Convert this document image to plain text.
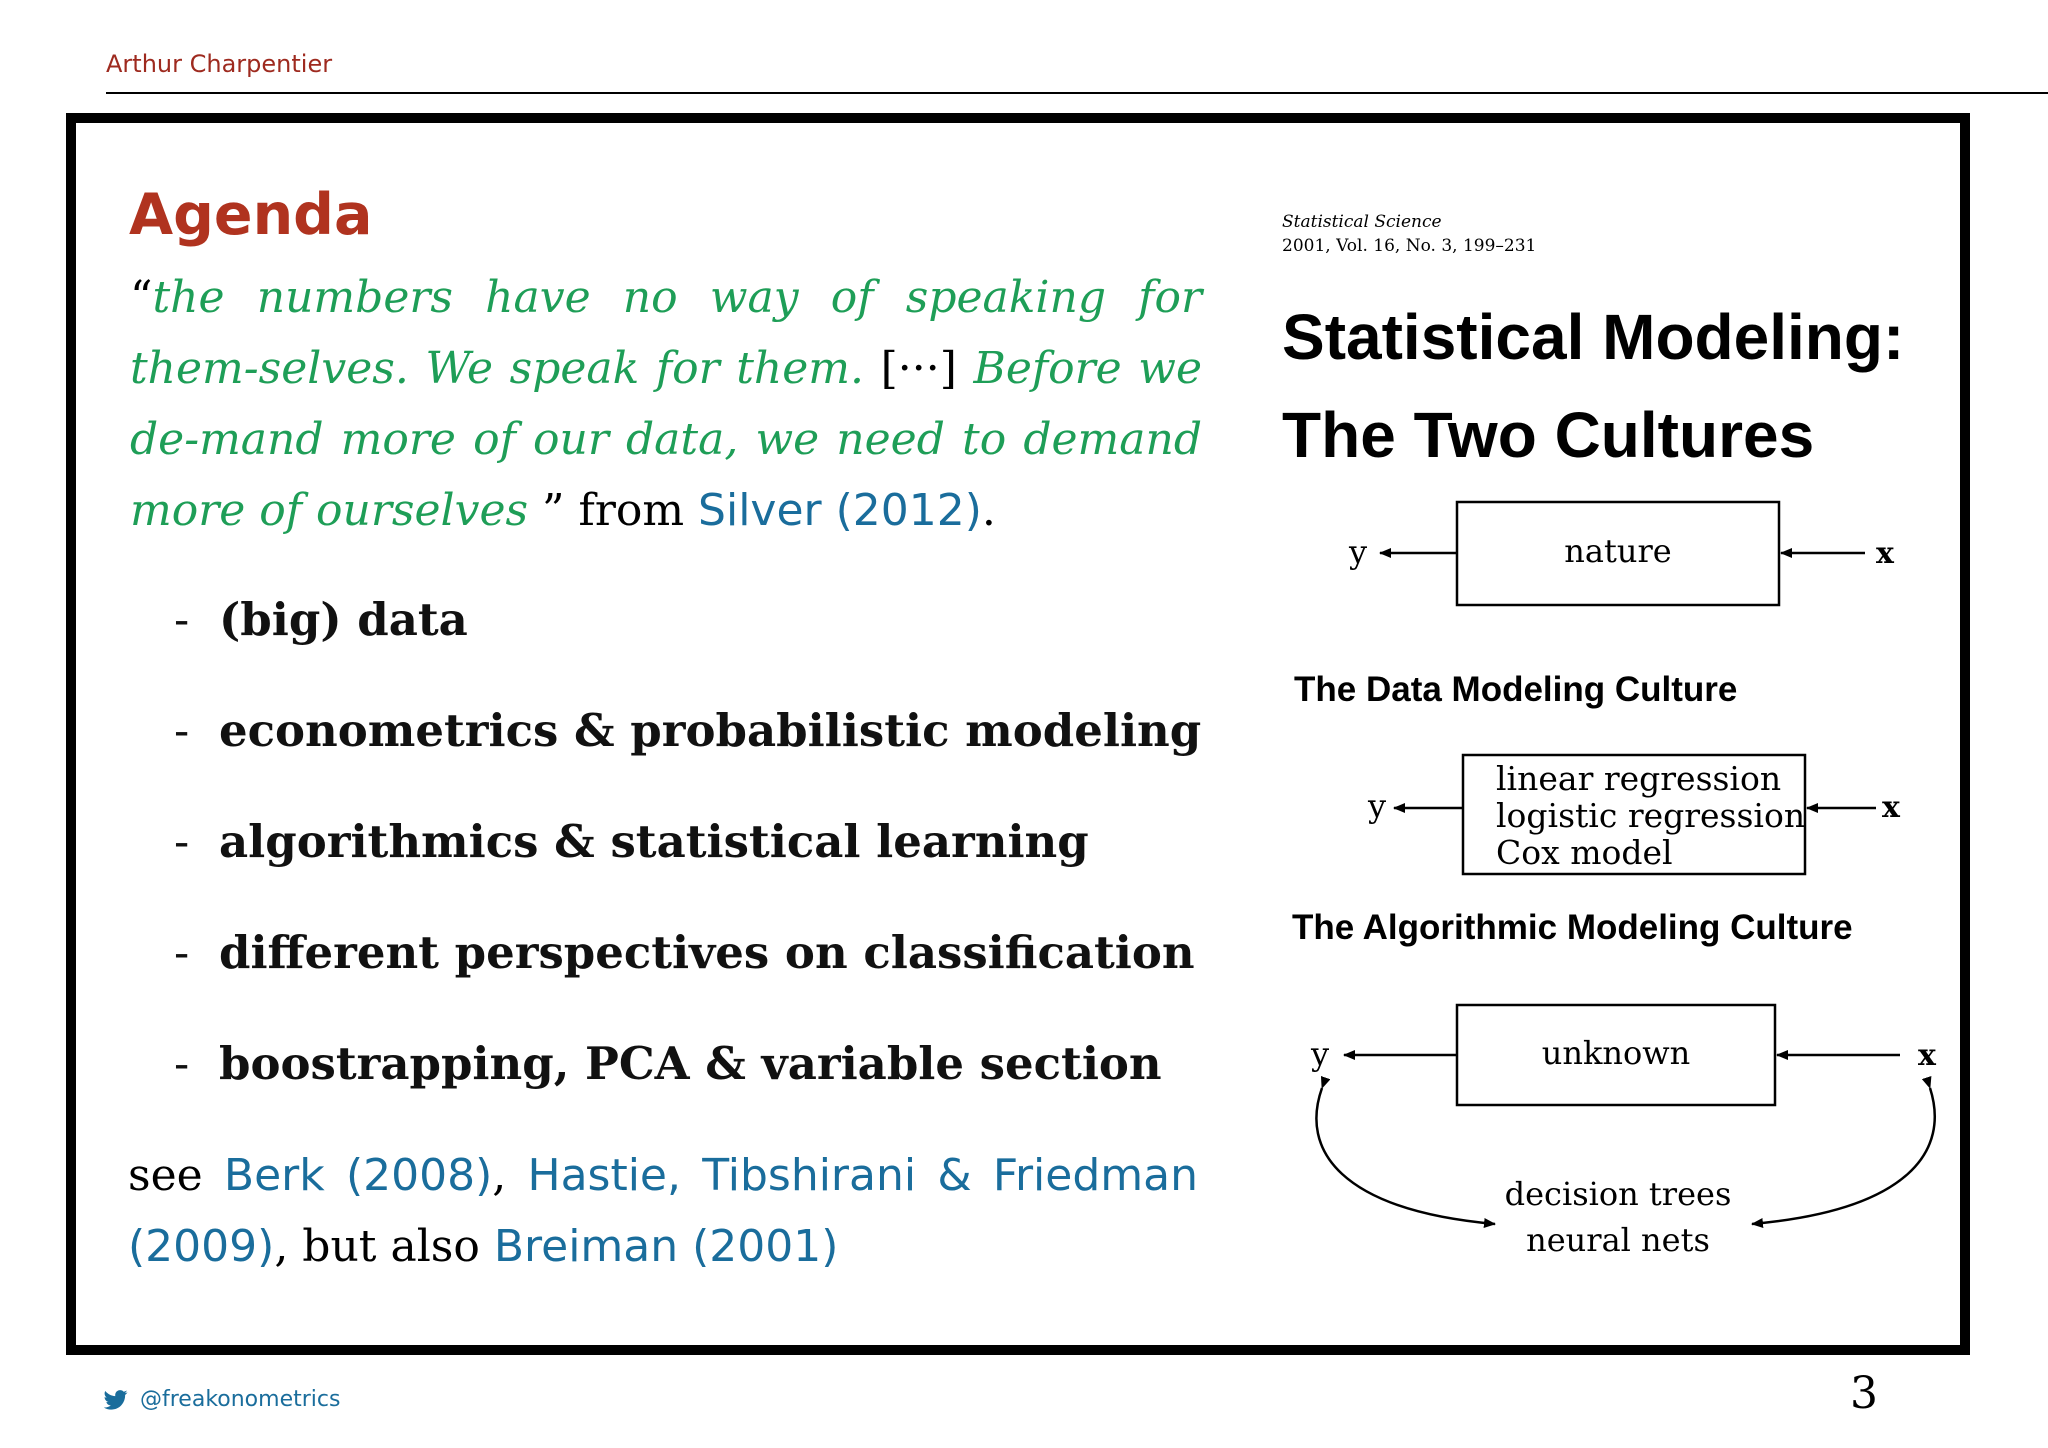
Arthur Charpentier
Agenda
“the numbers have no way of speaking for them-selves. We speak for them. [···] Before we de-mand more of our data, we need to demand more of ourselves ” from Silver (2012).
- (big) data
- econometrics & probabilistic modeling
- algorithmics & statistical learning
- different perspectives on classification
- boostrapping, PCA & variable section
see Berk (2008), Hastie, Tibshirani & Friedman (2009), but also Breiman (2001)
Statistical Science
2001, Vol. 16, No. 3, 199–231
Statistical Modeling:
The Two Cultures
nature
y	x
linear regression
logistic regression
Cox model
y	x
unknown
y	x
decision trees
neural nets
The Data Modeling Culture
The Algorithmic Modeling Culture
@freakonometrics	3
